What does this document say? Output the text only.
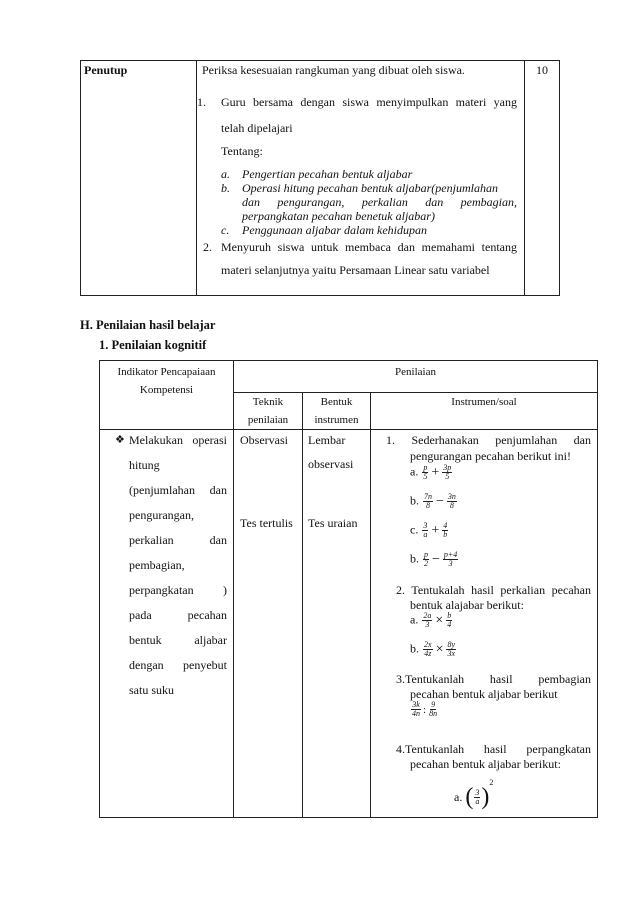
Penutup	Periksa kesesuaian rangkuman yang dibuat oleh siswa.	10
1. Guru bersama dengan siswa menyimpulkan materi yang
telah dipelajari
Tentang:
a. Pengertian pecahan bentuk aljabar
b. Operasi hitung pecahan bentuk aljabar(penjumlahan
dan pengurangan, perkalian dan pembagian,
perpangkatan pecahan benetuk aljabar)
c. Penggunaan aljabar dalam kehidupan
2. Menyuruh siswa untuk membaca dan memahami tentang
materi selanjutnya yaitu Persamaan Linear satu variabel
H. Penilaian hasil belajar
1. Penilaian kognitif
Indikator Pencapaiaan
Kompetensi
Penilaian
Teknik
penilaian
Bentuk
instrumen
Instrumen/soal
❖ Melakukan operasi
hitung
(penjumlahan dan
pengurangan,
perkalian dan
pembagian,
perpangkatan )
pada pecahan
bentuk aljabar
dengan penyebut
satu suku
Observasi
Tes tertulis
Lembar
observasi
Tes uraian
1. Sederhanakan penjumlahan dan
pengurangan pecahan berikut ini!
a. $\frac{p}{5} + \frac{3p}{5}$
b. $\frac{7n}{8} - \frac{3n}{8}$
c. $\frac{3}{a} + \frac{4}{b}$
b. $\frac{p}{2} - \frac{p+4}{3}$
2. Tentukalah hasil perkalian pecahan
bentuk alajabar berikut:
a. $\frac{2a}{3} \times \frac{b}{4}$
b. $\frac{2x}{4z} \times \frac{8y}{3x}$
3.Tentukanlah hasil pembagian
pecahan bentuk aljabar berikut
$\frac{3k}{4n}$ : $\frac{9}{8n}$
4.Tentukanlah hasil perpangkatan
pecahan bentuk aljabar berikut:
a. ( $\frac{3}{a} )^2$
